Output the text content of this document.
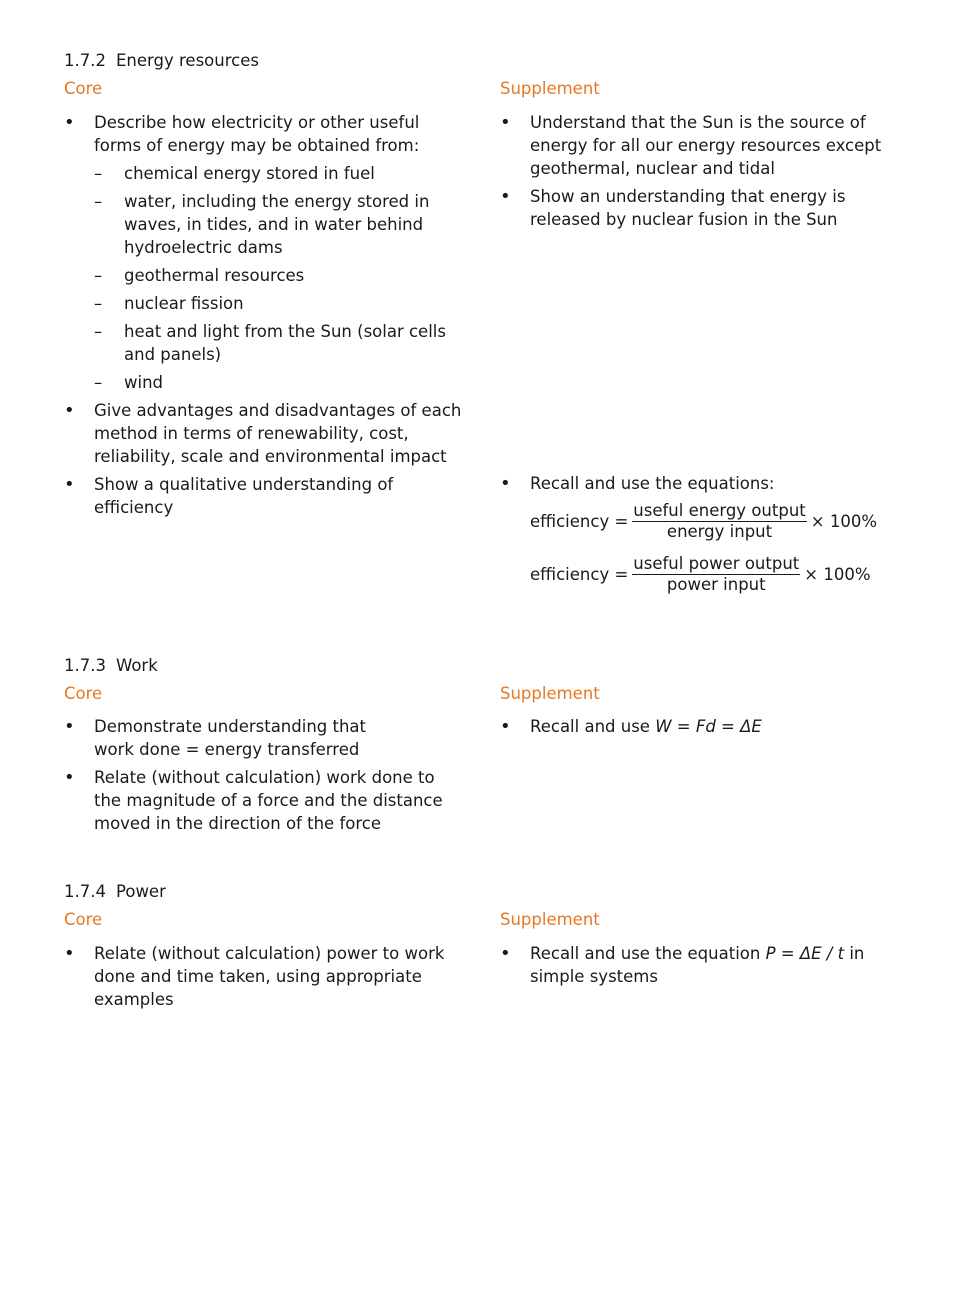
1.7.2 Energy resources
Core	Supplement
• Describe how electricity or other useful forms of energy may be obtained from:
– chemical energy stored in fuel
– water, including the energy stored in waves, in tides, and in water behind hydroelectric dams
– geothermal resources
– nuclear fission
– heat and light from the Sun (solar cells and panels)
– wind
• Give advantages and disadvantages of each method in terms of renewability, cost, reliability, scale and environmental impact
• Show a qualitative understanding of efficiency
• Understand that the Sun is the source of energy for all our energy resources except geothermal, nuclear and tidal
• Show an understanding that energy is released by nuclear fusion in the Sun
• Recall and use the equations:
efficiency = $\frac{\text{useful energy output}}{\text{energy input}} \times 100\%$
efficiency = $\frac{\text{useful power output}}{\text{power input}} \times 100\%$
1.7.3 Work
Core	Supplement
• Demonstrate understanding that
work done = energy transferred
• Relate (without calculation) work done to the magnitude of a force and the distance moved in the direction of the force
• Recall and use W = Fd = ΔE
1.7.4 Power
Core	Supplement
• Relate (without calculation) power to work done and time taken, using appropriate examples
• Recall and use the equation P = ΔE / t in simple systems
